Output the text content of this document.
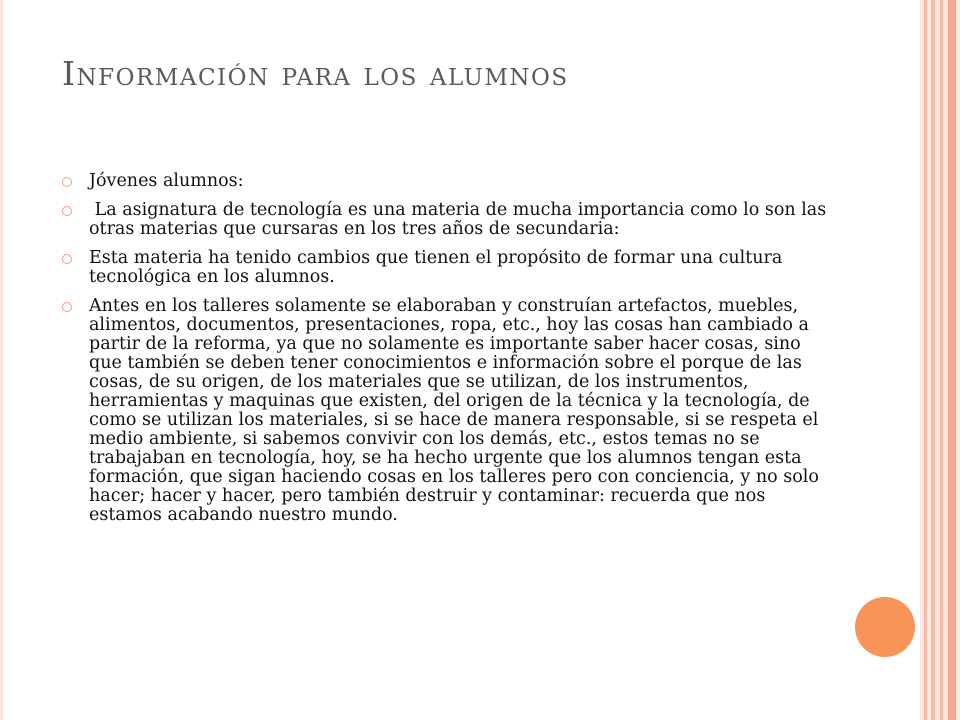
Información para los alumnos
Jóvenes alumnos:
La asignatura de tecnología es una materia de mucha importancia como lo son las otras materias que cursaras en los tres años de secundaria:
Esta materia ha tenido cambios que tienen el propósito de formar una cultura tecnológica en los alumnos.
Antes en los talleres solamente se elaboraban y construían artefactos, muebles, alimentos, documentos, presentaciones, ropa, etc., hoy las cosas han cambiado a partir de la reforma, ya que no solamente es importante saber hacer cosas, sino que también se deben tener conocimientos e información sobre el porque de las cosas, de su origen, de los materiales que se utilizan, de los instrumentos, herramientas y maquinas que existen, del origen de la técnica y la tecnología, de como se utilizan los materiales, si se hace de manera responsable, si se respeta el medio ambiente, si sabemos convivir con los demás, etc., estos temas no se trabajaban en tecnología, hoy, se ha hecho urgente que los alumnos tengan esta formación, que sigan haciendo cosas en los talleres pero con conciencia, y no solo hacer; hacer y hacer, pero también destruir y contaminar: recuerda que nos estamos acabando nuestro mundo.
